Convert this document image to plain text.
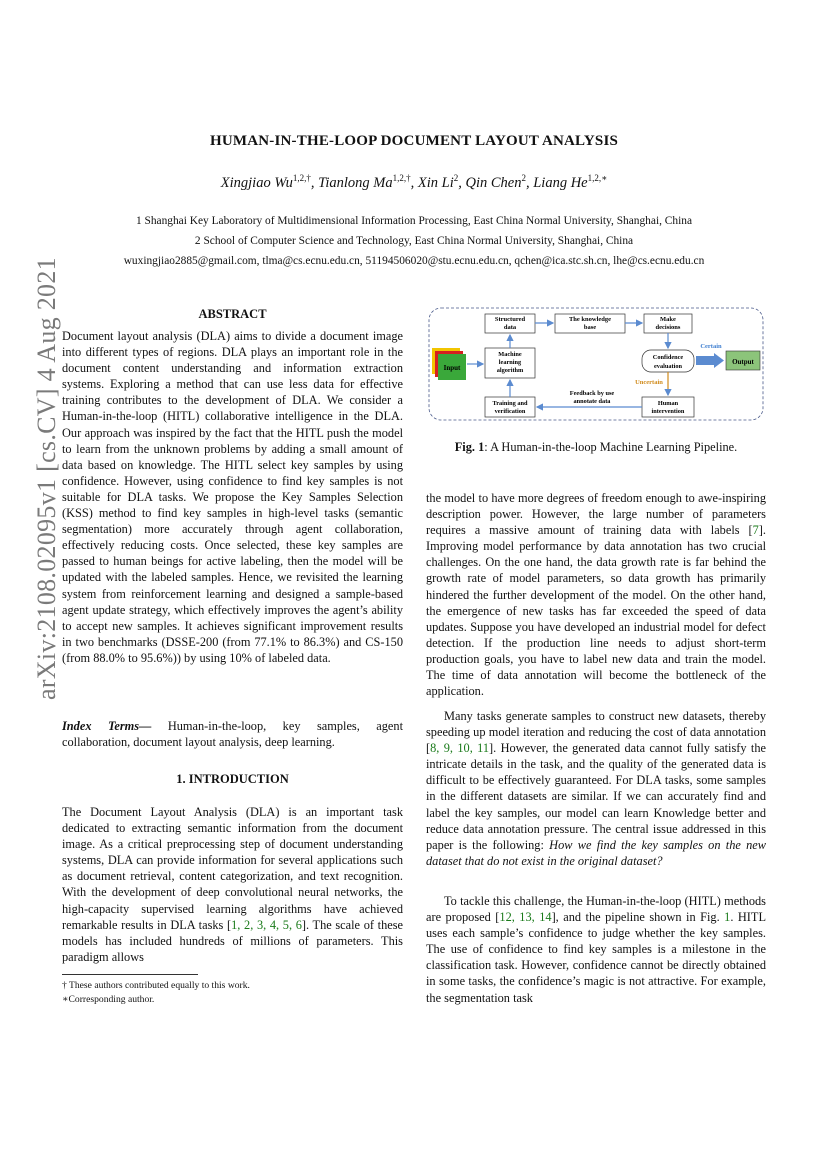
arXiv:2108.02095v1 [cs.CV] 4 Aug 2021
HUMAN-IN-THE-LOOP DOCUMENT LAYOUT ANALYSIS
Xingjiao $Wu^{1,2,\dagger}$, Tianlong $Ma^{1,2,\dagger}$, Xin Li$^2$, Qin Chen$^2$, Liang $He^{1,2,∗}$
1 Shanghai Key Laboratory of Multidimensional Information Processing, East China Normal University, Shanghai, China
2 School of Computer Science and Technology, East China Normal University, Shanghai, China
wuxingjiao2885@gmail.com, tlma@cs.ecnu.edu.cn, 51194506020@stu.ecnu.edu.cn, qchen@ica.stc.sh.cn, lhe@cs.ecnu.edu.cn
ABSTRACT
Document layout analysis (DLA) aims to divide a document image into different types of regions. DLA plays an important role in the document content understanding and information extraction systems. Exploring a method that can use less data for effective training contributes to the development of DLA. We consider a Human-in-the-loop (HITL) collaborative intelligence in the DLA. Our approach was inspired by the fact that the HITL push the model to learn from the unknown problems by adding a small amount of data based on knowledge. The HITL select key samples by using confidence. However, using confidence to find key samples is not suitable for DLA tasks. We propose the Key Samples Selection (KSS) method to find key samples in high-level tasks (semantic segmentation) more accurately through agent collaboration, effectively reducing costs. Once selected, these key samples are passed to human beings for active labeling, then the model will be updated with the labeled samples. Hence, we revisited the learning system from reinforcement learning and designed a sample-based agent update strategy, which effectively improves the agent’s ability to accept new samples. It achieves significant improvement results in two benchmarks (DSSE-200 (from 77.1% to 86.3%) and CS-150 (from 88.0% to 95.6%)) by using 10% of labeled data.
Index Terms— Human-in-the-loop, key samples, agent collaboration, document layout analysis, deep learning.
1. INTRODUCTION
The Document Layout Analysis (DLA) is an important task dedicated to extracting semantic information from the document image. As a critical preprocessing step of document understanding systems, DLA can provide information for several applications such as document retrieval, content categorization, and text recognition. With the development of deep convolutional neural networks, the high-capacity supervised learning algorithms have achieved remarkable results in DLA tasks [1, 2, 3, 4, 5, 6]. The scale of these models has included hundreds of millions of parameters. This paradigm allows
† These authors contributed equally to this work.
∗Corresponding author.
Structured
data
The knowledge
base
Make
decisions
Input
Machine
learning
algorithm
Confidence
evaluation
Output
Training and
verification
Human
intervention
Feedback by use
annotate data
Certain
Uncertain
Fig. 1: A Human-in-the-loop Machine Learning Pipeline.
the model to have more degrees of freedom enough to awe-inspiring description power. However, the large number of parameters requires a massive amount of training data with labels [7]. Improving model performance by data annotation has two crucial challenges. On the one hand, the data growth rate is far behind the growth rate of model parameters, so data growth has primarily hindered the further development of the model. On the other hand, the emergence of new tasks has far exceeded the speed of data updates. Suppose you have developed an industrial model for defect detection. If the production line needs to adjust short-term production goals, you have to label new data and train the model. The time of data annotation will become the bottleneck of the application.
Many tasks generate samples to construct new datasets, thereby speeding up model iteration and reducing the cost of data annotation [8, 9, 10, 11]. However, the generated data cannot fully satisfy the intricate details in the task, and the quality of the generated data is difficult to be effectively guaranteed. For DLA tasks, some samples in the different datasets are similar. If we can accurately find and label the key samples, our model can learn Knowledge better and reduce data annotation pressure. The central issue addressed in this paper is the following: How we find the key samples on the new dataset that do not exist in the original dataset?
To tackle this challenge, the Human-in-the-loop (HITL) methods are proposed [12, 13, 14], and the pipeline shown in Fig. 1. HITL uses each sample’s confidence to judge whether the key samples. The use of confidence to find key samples is a milestone in the classification task. However, confidence cannot be directly obtained in some tasks, the confidence’s magic is not attractive. For example, the segmentation task
